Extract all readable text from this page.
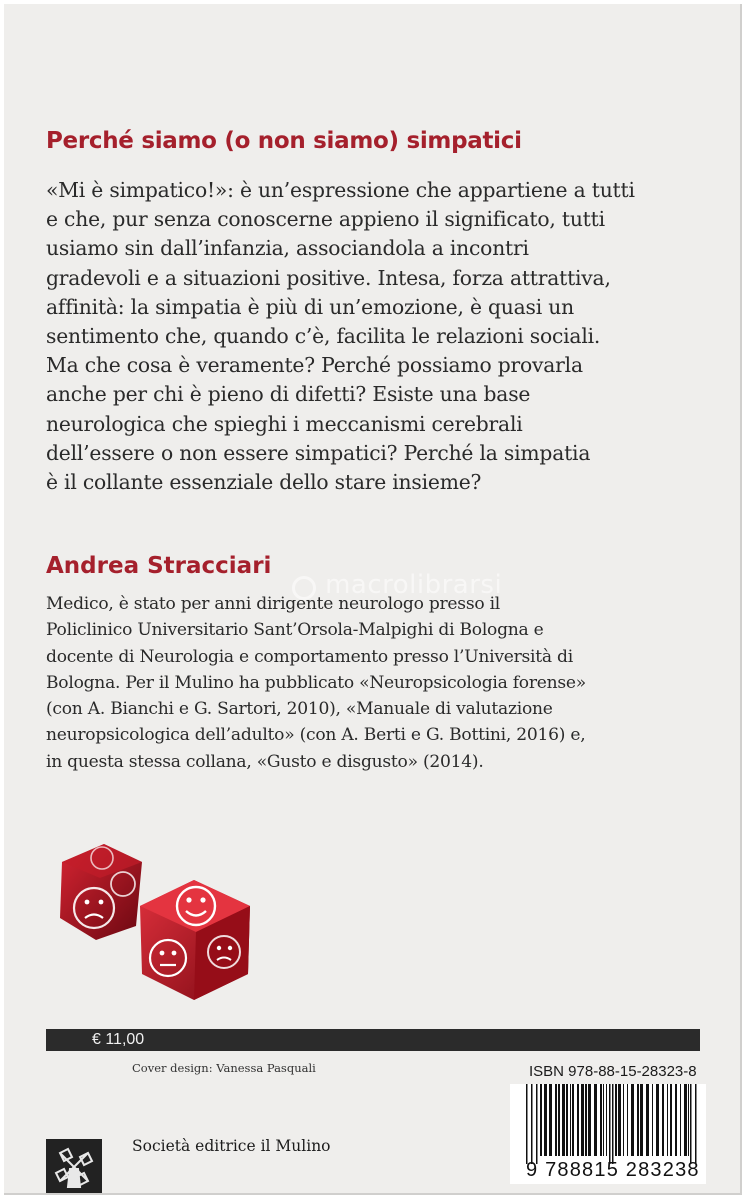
Perché siamo (o non siamo) simpatici
«Mi è simpatico!»: è un’espressione che appartiene a tutti
e che, pur senza conoscerne appieno il significato, tutti
usiamo sin dall’infanzia, associandola a incontri
gradevoli e a situazioni positive. Intesa, forza attrattiva,
affinità: la simpatia è più di un’emozione, è quasi un
sentimento che, quando c’è, facilita le relazioni sociali.
Ma che cosa è veramente? Perché possiamo provarla
anche per chi è pieno di difetti? Esiste una base
neurologica che spieghi i meccanismi cerebrali
dell’essere o non essere simpatici? Perché la simpatia
è il collante essenziale dello stare insieme?
Andrea Stracciari
macrolibrarsi
Medico, è stato per anni dirigente neurologo presso il
Policlinico Universitario Sant’Orsola-Malpighi di Bologna e
docente di Neurologia e comportamento presso l’Università di
Bologna. Per il Mulino ha pubblicato «Neuropsicologia forense»
(con A. Bianchi e G. Sartori, 2010), «Manuale di valutazione
neuropsicologica dell’adulto» (con A. Berti e G. Bottini, 2016) e,
in questa stessa collana, «Gusto e disgusto» (2014).
€ 11,00
Cover design: Vanessa Pasquali	ISBN 978-88-15-28323-8
9 788815 283238
Società editrice il Mulino
